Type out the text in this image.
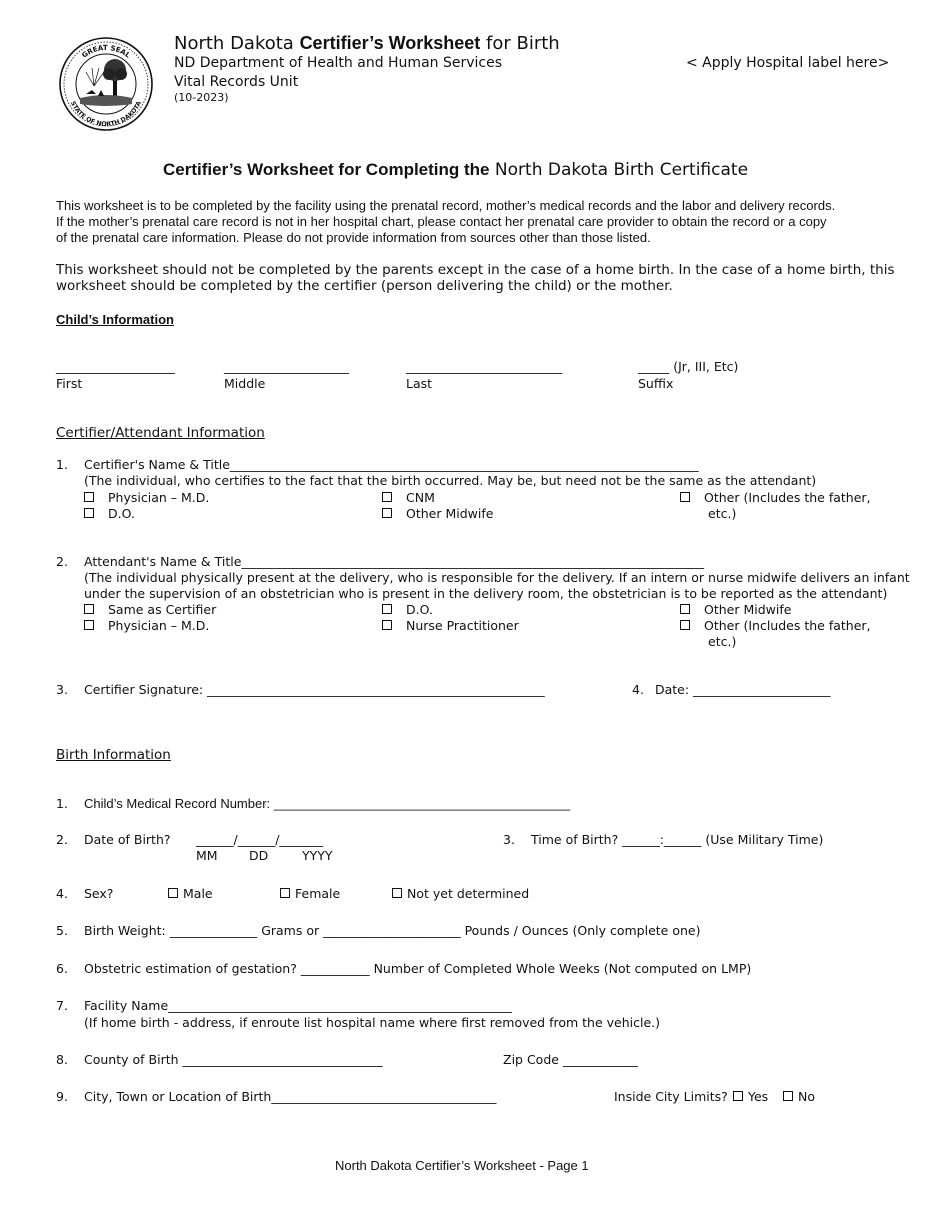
GREAT SEAL
STATE OF NORTH DAKOTA
North Dakota Certifier’s Worksheet for Birth
ND Department of Health and Human Services
Vital Records Unit
(10-2023)
< Apply Hospital label here>
Certifier’s Worksheet for Completing the North Dakota Birth Certificate
This worksheet is to be completed by the facility using the prenatal record, mother’s medical records and the labor and delivery records.
If the mother’s prenatal care record is not in her hospital chart, please contact her prenatal care provider to obtain the record or a copy
of the prenatal care information. Please do not provide information from sources other than those listed.
This worksheet should not be completed by the parents except in the case of a home birth. In the case of a home birth, this
worksheet should be completed by the certifier (person delivering the child) or the mother.
Child’s Information
___________________
First
____________________
Middle
_________________________
Last
_____ (Jr, III, Etc)
Suffix
Certifier/Attendant Information
1. Certifier's Name & Title___________________________________________________________________________
(The individual, who certifies to the fact that the birth occurred. May be, but need not be the same as the attendant)
Physician – M.D.
D.O.
CNM
Other Midwife
Other (Includes the father,
etc.)
2. Attendant's Name & Title__________________________________________________________________________
(The individual physically present at the delivery, who is responsible for the delivery. If an intern or nurse midwife delivers an infant
under the supervision of an obstetrician who is present in the delivery room, the obstetrician is to be reported as the attendant)
Same as Certifier
Physician – M.D.
D.O.
Nurse Practitioner
Other Midwife
Other (Includes the father,
etc.)
3. Certifier Signature: ______________________________________________________	4. Date: ______________________
Birth Information
1. Child’s Medical Record Number: _________________________________________
2. Date of Birth? ______/______/_______
MM	DD	YYYY
3. Time of Birth? ______:______ (Use Military Time)
4. Sex?	Male	Female	Not yet determined
5. Birth Weight: ______________ Grams or ______________________ Pounds / Ounces (Only complete one)
6. Obstetric estimation of gestation? ___________ Number of Completed Whole Weeks (Not computed on LMP)
7. Facility Name_______________________________________________________
(If home birth - address, if enroute list hospital name where first removed from the vehicle.)
8. County of Birth ________________________________	Zip Code ____________
9. City, Town or Location of Birth____________________________________	Inside City Limits?	Yes	No
North Dakota Certifier’s Worksheet - Page 1
